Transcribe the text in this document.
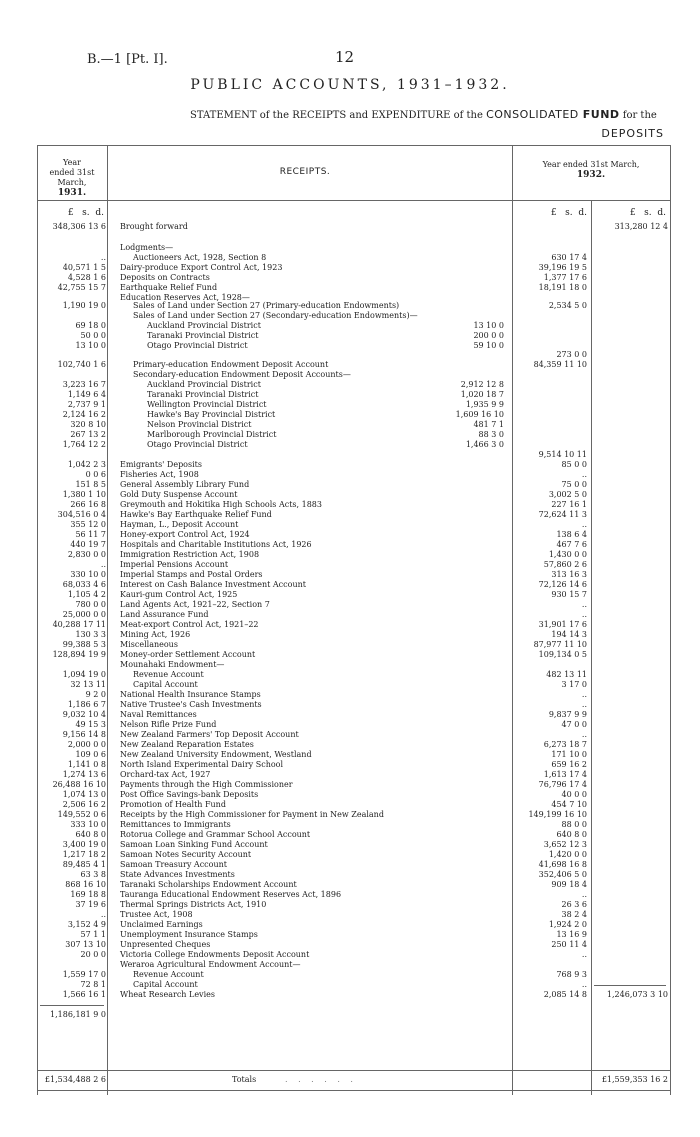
B.—1 [Pt. I].	12
PUBLIC ACCOUNTS, 1931–1932.
STATEMENT of the RECEIPTS and EXPENDITURE of the CONSOLIDATED FUND for the
DEPOSITS
Year
ended 31st March,
1931.
RECEIPTS.
Year ended 31st March,
1932.
£ s. d.	£ s. d.	£ s. d.
348,306 13 6 Brought forward	313,280 12 4
Lodgments—
..	Auctioneers Act, 1928, Section 8	630 17 4
40,571 1 5 Dairy-produce Export Control Act, 1923	39,196 19 5
4,528 1 6 Deposits on Contracts	1,377 17 6
42,755 15 7 Earthquake Relief Fund	18,191 18 0
Education Reserves Act, 1928—
1,190 19 0	Sales of Land under Section 27 (Primary-education Endowments)	2,534 5 0
Sales of Land under Section 27 (Secondary-education Endowments)—
69 18 0	Auckland Provincial District	13 10 0
50 0 0	Taranaki Provincial District	200 0 0
13 10 0	Otago Provincial District	59 10 0
273 0 0
102,740 1 6	Primary-education Endowment Deposit Account	84,359 11 10
Secondary-education Endowment Deposit Accounts—
3,223 16 7	Auckland Provincial District	2,912 12 8
1,149 6 4	Taranaki Provincial District	1,020 18 7
2,737 9 1	Wellington Provincial District	1,935 9 9
2,124 16 2	Hawke's Bay Provincial District	1,609 16 10
320 8 10	Nelson Provincial District	481 7 1
267 13 2	Marlborough Provincial District	88 3 0
1,764 12 2	Otago Provincial District	1,466 3 0
9,514 10 11
1,042 2 3 Emigrants' Deposits	85 0 0
0 0 6 Fisheries Act, 1908	..
151 8 5 General Assembly Library Fund	75 0 0
1,380 1 10 Gold Duty Suspense Account	3,002 5 0
266 16 8 Greymouth and Hokitika High Schools Acts, 1883	227 16 1
304,516 0 4 Hawke's Bay Earthquake Relief Fund	72,624 11 3
355 12 0 Hayman, L., Deposit Account	..
56 11 7 Honey-export Control Act, 1924	138 6 4
440 19 7 Hospitals and Charitable Institutions Act, 1926	467 7 6
2,830 0 0 Immigration Restriction Act, 1908	1,430 0 0
.. Imperial Pensions Account	57,860 2 6
330 10 0 Imperial Stamps and Postal Orders	313 16 3
68,033 4 6 Interest on Cash Balance Investment Account	72,126 14 6
1,105 4 2 Kauri-gum Control Act, 1925	930 15 7
780 0 0 Land Agents Act, 1921–22, Section 7	..
25,000 0 0 Land Assurance Fund	..
40,288 17 11 Meat-export Control Act, 1921–22	31,901 17 6
130 3 3 Mining Act, 1926	194 14 3
99,388 5 3 Miscellaneous	87,977 11 10
128,894 19 9 Money-order Settlement Account	109,134 0 5
Mounahaki Endowment—
1,094 19 0	Revenue Account	482 13 11
32 13 11	Capital Account	3 17 0
9 2 0 National Health Insurance Stamps	..
1,186 6 7 Native Trustee's Cash Investments	..
9,032 10 4 Naval Remittances	9,837 9 9
49 15 3 Nelson Rifle Prize Fund	47 0 0
9,156 14 8 New Zealand Farmers' Top Deposit Account	..
2,000 0 0 New Zealand Reparation Estates	6,273 18 7
109 0 6 New Zealand University Endowment, Westland	171 10 0
1,141 0 8 North Island Experimental Dairy School	659 16 2
1,274 13 6 Orchard-tax Act, 1927	1,613 17 4
26,488 16 10 Payments through the High Commissioner	76,796 17 4
1,074 13 0 Post Office Savings-bank Deposits	40 0 0
2,506 16 2 Promotion of Health Fund	454 7 10
149,552 0 6 Receipts by the High Commissioner for Payment in New Zealand	149,199 16 10
333 10 0 Remittances to Immigrants	88 0 0
640 8 0 Rotorua College and Grammar School Account	640 8 0
3,400 19 0 Samoan Loan Sinking Fund Account	3,652 12 3
1,217 18 2 Samoan Notes Security Account	1,420 0 0
89,485 4 1 Samoan Treasury Account	41,698 16 8
63 3 8 State Advances Investments	352,406 5 0
868 16 10 Taranaki Scholarships Endowment Account	909 18 4
169 18 8 Tauranga Educational Endowment Reserves Act, 1896	..
37 19 6 Thermal Springs Districts Act, 1910	26 3 6
.. Trustee Act, 1908	38 2 4
3,152 4 9 Unclaimed Earnings	1,924 2 0
57 1 1 Unemployment Insurance Stamps	13 16 9
307 13 10 Unpresented Cheques	250 11 4
20 0 0 Victoria College Endowments Deposit Account	..
Weraroa Agricultural Endowment Account—
1,559 17 0	Revenue Account	768 9 3
72 8 1	Capital Account	..
1,566 16 1 Wheat Research Levies	2,085 14 8	1,246,073 3 10
1,186,181 9 0
£1,534,488 2 6	Totals	. . . . . .	£1,559,353 16 2
